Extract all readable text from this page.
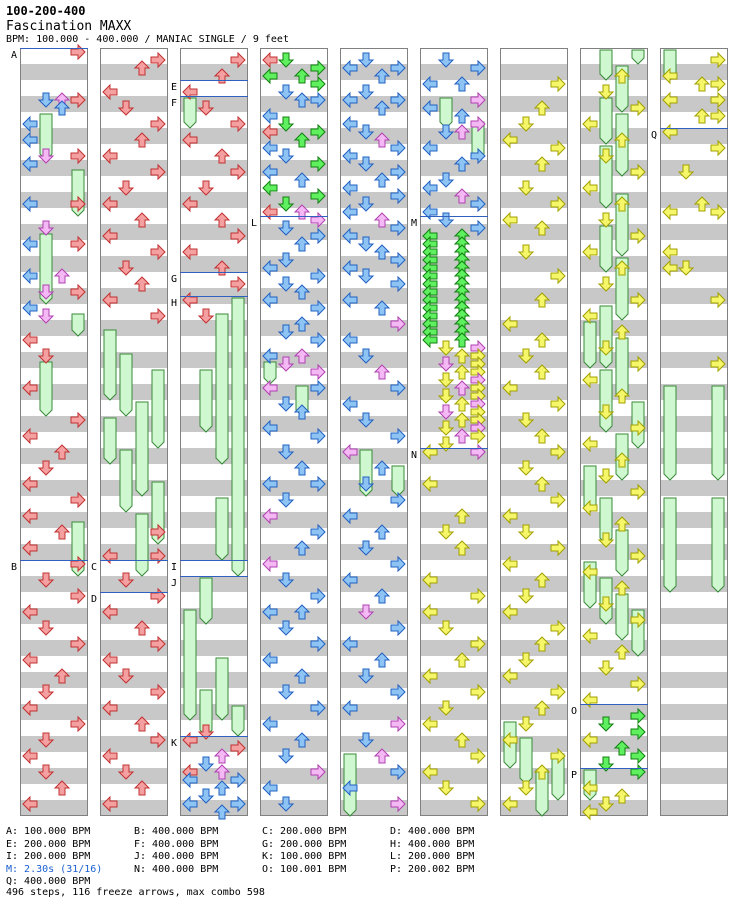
100-200-400
Fascination MAXX
BPM: 100.000 - 400.000 / MANIAC SINGLE / 9 feet
A
B	C
D
E
F
G
H
I
J
K
L	M
N
O
P
Q
A: 100.000 BPM	B: 400.000 BPM	C: 200.000 BPM	D: 400.000 BPM
E: 200.000 BPM	F: 400.000 BPM	G: 200.000 BPM	H: 400.000 BPM
I: 200.000 BPM	J: 400.000 BPM	K: 100.000 BPM	L: 200.000 BPM
M: 2.30s (31/16)	N: 400.000 BPM	O: 100.001 BPM	P: 200.002 BPM
Q: 400.000 BPM
496 steps, 116 freeze arrows, max combo 598
